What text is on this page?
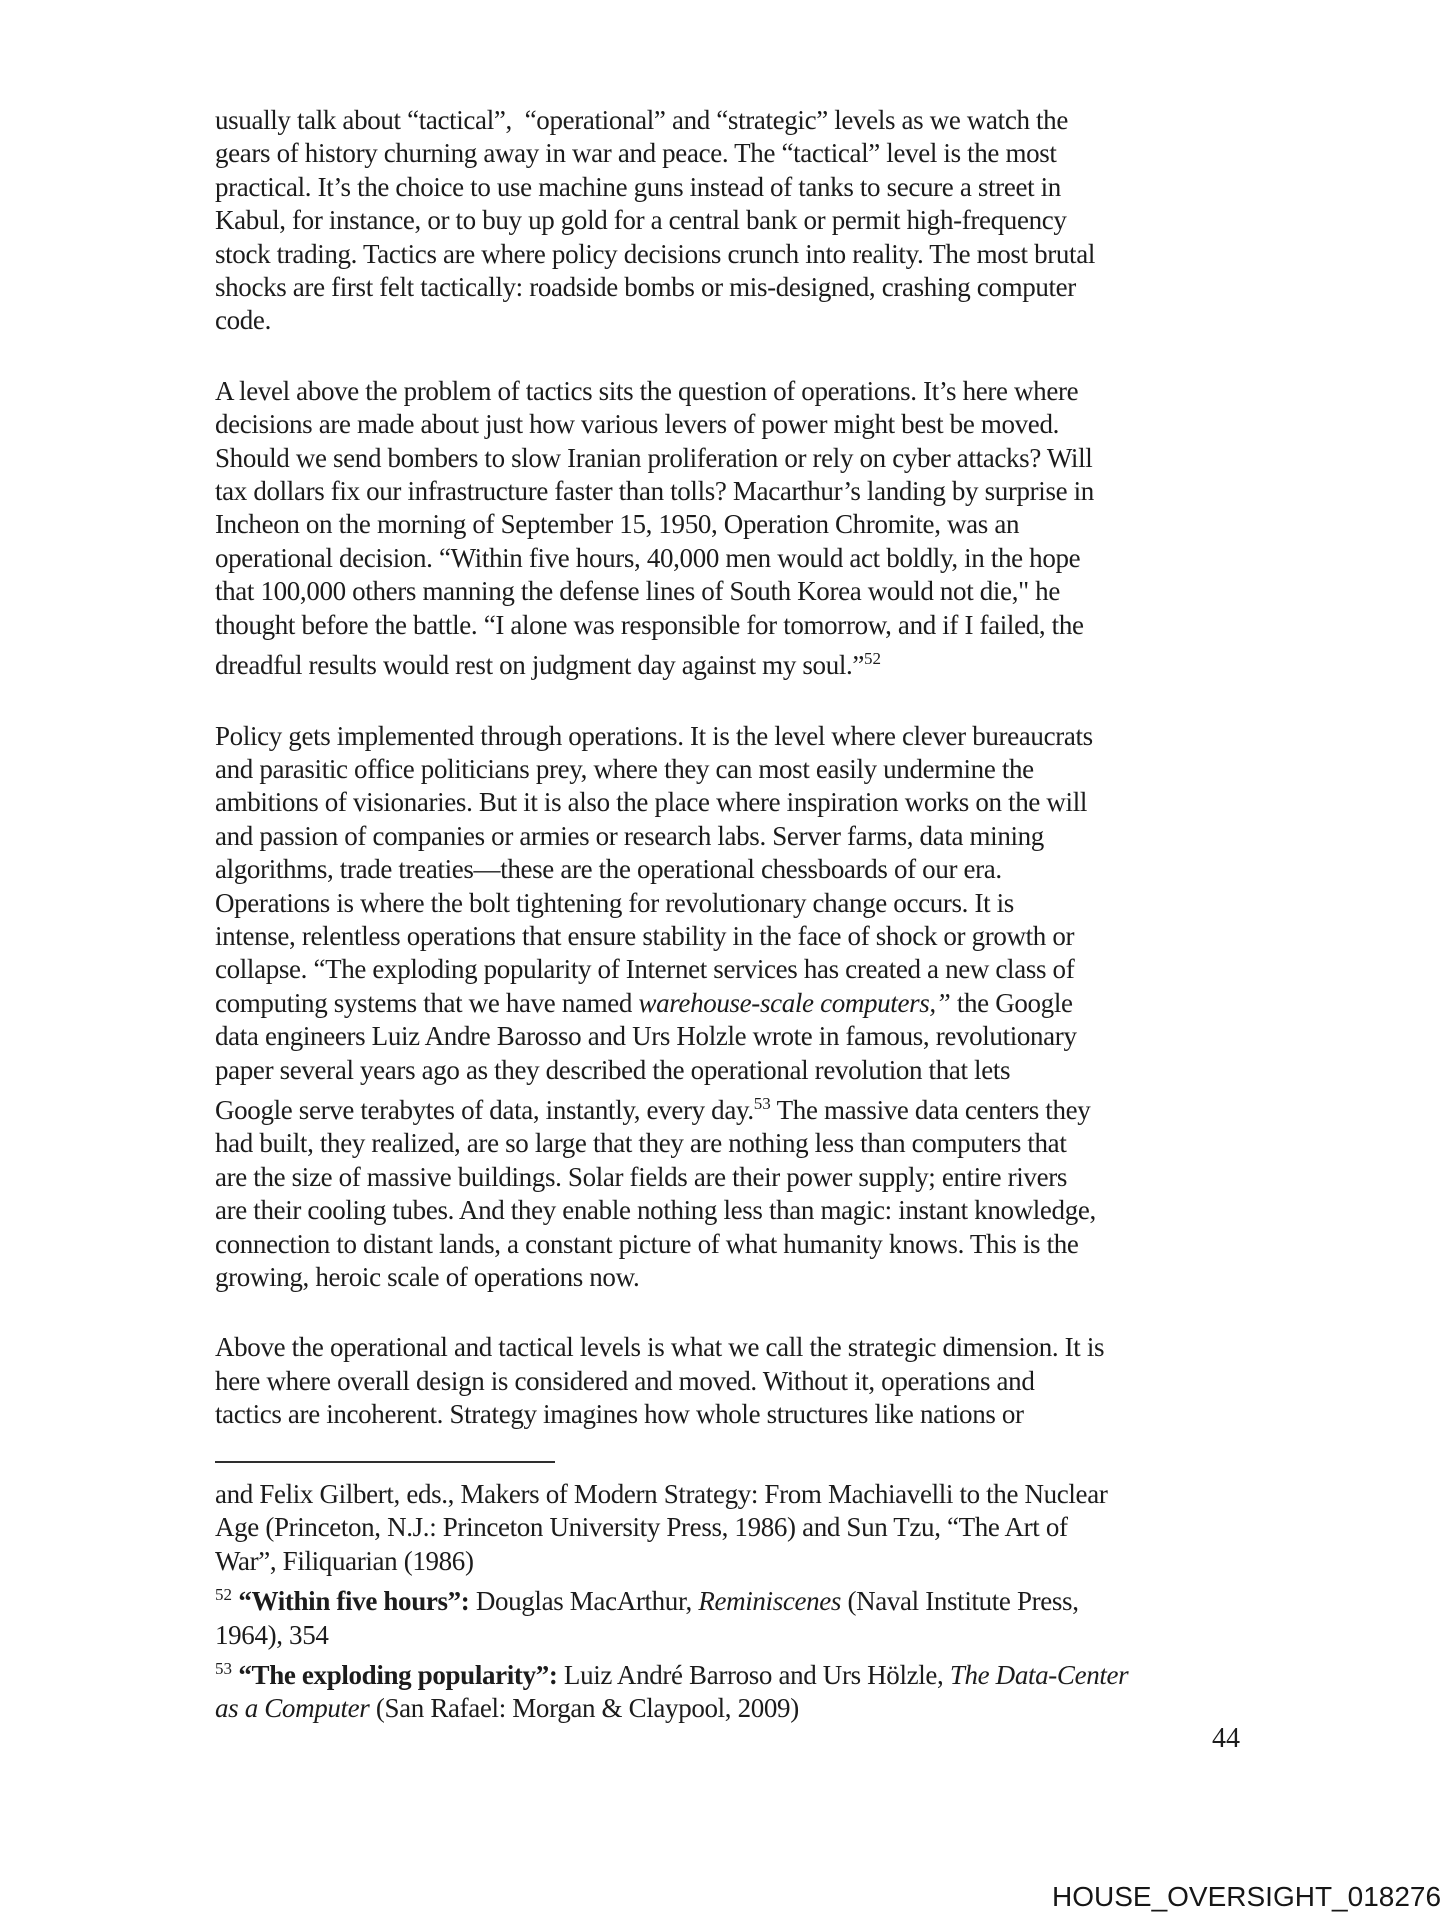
usually talk about “tactical”,  “operational” and “strategic” levels as we watch the
gears of history churning away in war and peace. The “tactical” level is the most
practical. It’s the choice to use machine guns instead of tanks to secure a street in
Kabul, for instance, or to buy up gold for a central bank or permit high-frequency
stock trading. Tactics are where policy decisions crunch into reality. The most brutal
shocks are first felt tactically: roadside bombs or mis-designed, crashing computer
code.
A level above the problem of tactics sits the question of operations. It’s here where
decisions are made about just how various levers of power might best be moved.
Should we send bombers to slow Iranian proliferation or rely on cyber attacks? Will
tax dollars fix our infrastructure faster than tolls? Macarthur’s landing by surprise in
Incheon on the morning of September 15, 1950, Operation Chromite, was an
operational decision. “Within five hours, 40,000 men would act boldly, in the hope
that 100,000 others manning the defense lines of South Korea would not die," he
thought before the battle. “I alone was responsible for tomorrow, and if I failed, the
dreadful results would rest on judgment day against my soul.”$^{52}$
Policy gets implemented through operations. It is the level where clever bureaucrats
and parasitic office politicians prey, where they can most easily undermine the
ambitions of visionaries. But it is also the place where inspiration works on the will
and passion of companies or armies or research labs. Server farms, data mining
algorithms, trade treaties—these are the operational chessboards of our era.
Operations is where the bolt tightening for revolutionary change occurs. It is
intense, relentless operations that ensure stability in the face of shock or growth or
collapse. “The exploding popularity of Internet services has created a new class of
computing systems that we have named warehouse-scale computers,” the Google
data engineers Luiz Andre Barosso and Urs Holzle wrote in famous, revolutionary
paper several years ago as they described the operational revolution that lets
Google serve terabytes of data, instantly, every day.$^{53}$ The massive data centers they
had built, they realized, are so large that they are nothing less than computers that
are the size of massive buildings. Solar fields are their power supply; entire rivers
are their cooling tubes. And they enable nothing less than magic: instant knowledge,
connection to distant lands, a constant picture of what humanity knows. This is the
growing, heroic scale of operations now.
Above the operational and tactical levels is what we call the strategic dimension. It is
here where overall design is considered and moved. Without it, operations and
tactics are incoherent. Strategy imagines how whole structures like nations or
and Felix Gilbert, eds., Makers of Modern Strategy: From Machiavelli to the Nuclear
Age (Princeton, N.J.: Princeton University Press, 1986) and Sun Tzu, “The Art of
War”, Filiquarian (1986)
$^{52}$ “Within five hours”: Douglas MacArthur, Reminiscenes (Naval Institute Press,
1964), 354
$^{53}$ “The exploding popularity”: Luiz André Barroso and Urs Hölzle, The Data-Center
as a Computer (San Rafael: Morgan & Claypool, 2009)
44
HOUSE_OVERSIGHT_018276
